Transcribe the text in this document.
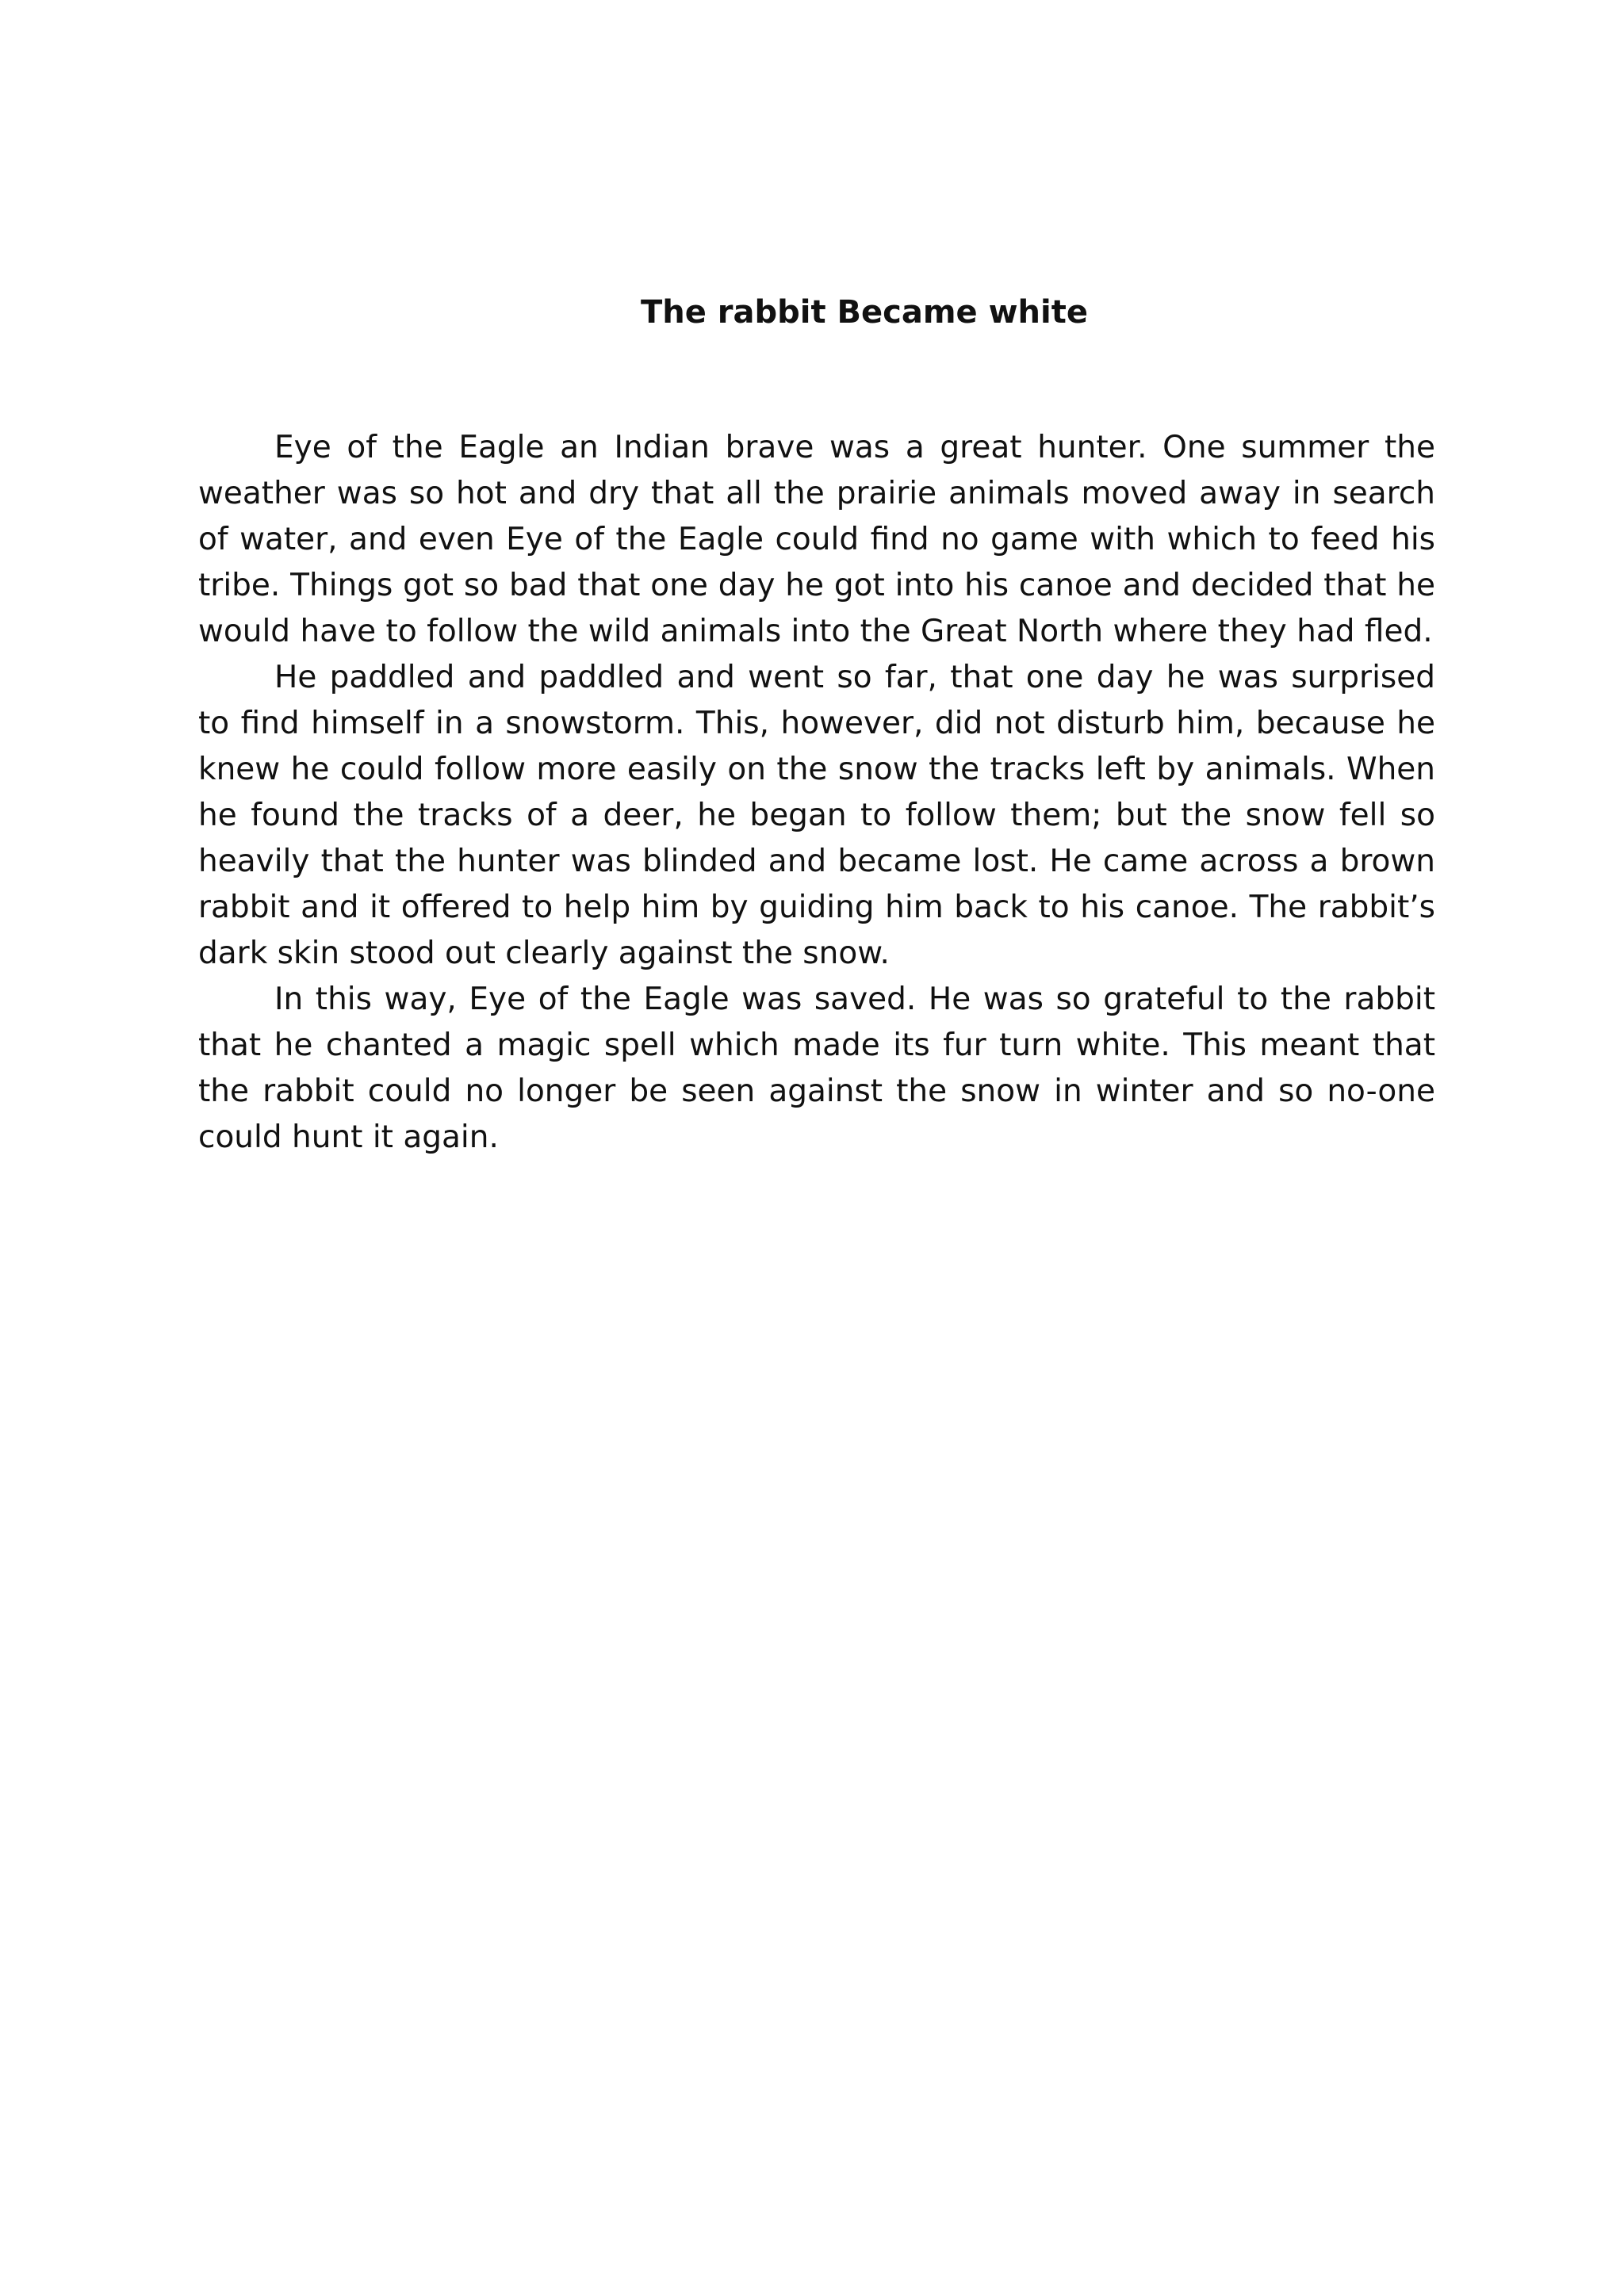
The rabbit Became white

Eye of the Eagle an Indian brave was a great hunter. One summer the weather was so hot and dry that all the prairie animals moved away in search of water, and even Eye of the Eagle could find no game with which to feed his tribe. Things got so bad that one day he got into his canoe and decided that he would have to follow the wild animals into the Great North where they had fled.

He paddled and paddled and went so far, that one day he was surprised to find himself in a snowstorm. This, however, did not disturb him, because he knew he could follow more easily on the snow the tracks left by animals. When he found the tracks of a deer, he began to follow them; but the snow fell so heavily that the hunter was blinded and became lost. He came across a brown rabbit and it offered to help him by guiding him back to his canoe. The rabbit’s dark skin stood out clearly against the snow.

In this way, Eye of the Eagle was saved. He was so grateful to the rabbit that he chanted a magic spell which made its fur turn white. This meant that the rabbit could no longer be seen against the snow in winter and so no-one could hunt it again.
